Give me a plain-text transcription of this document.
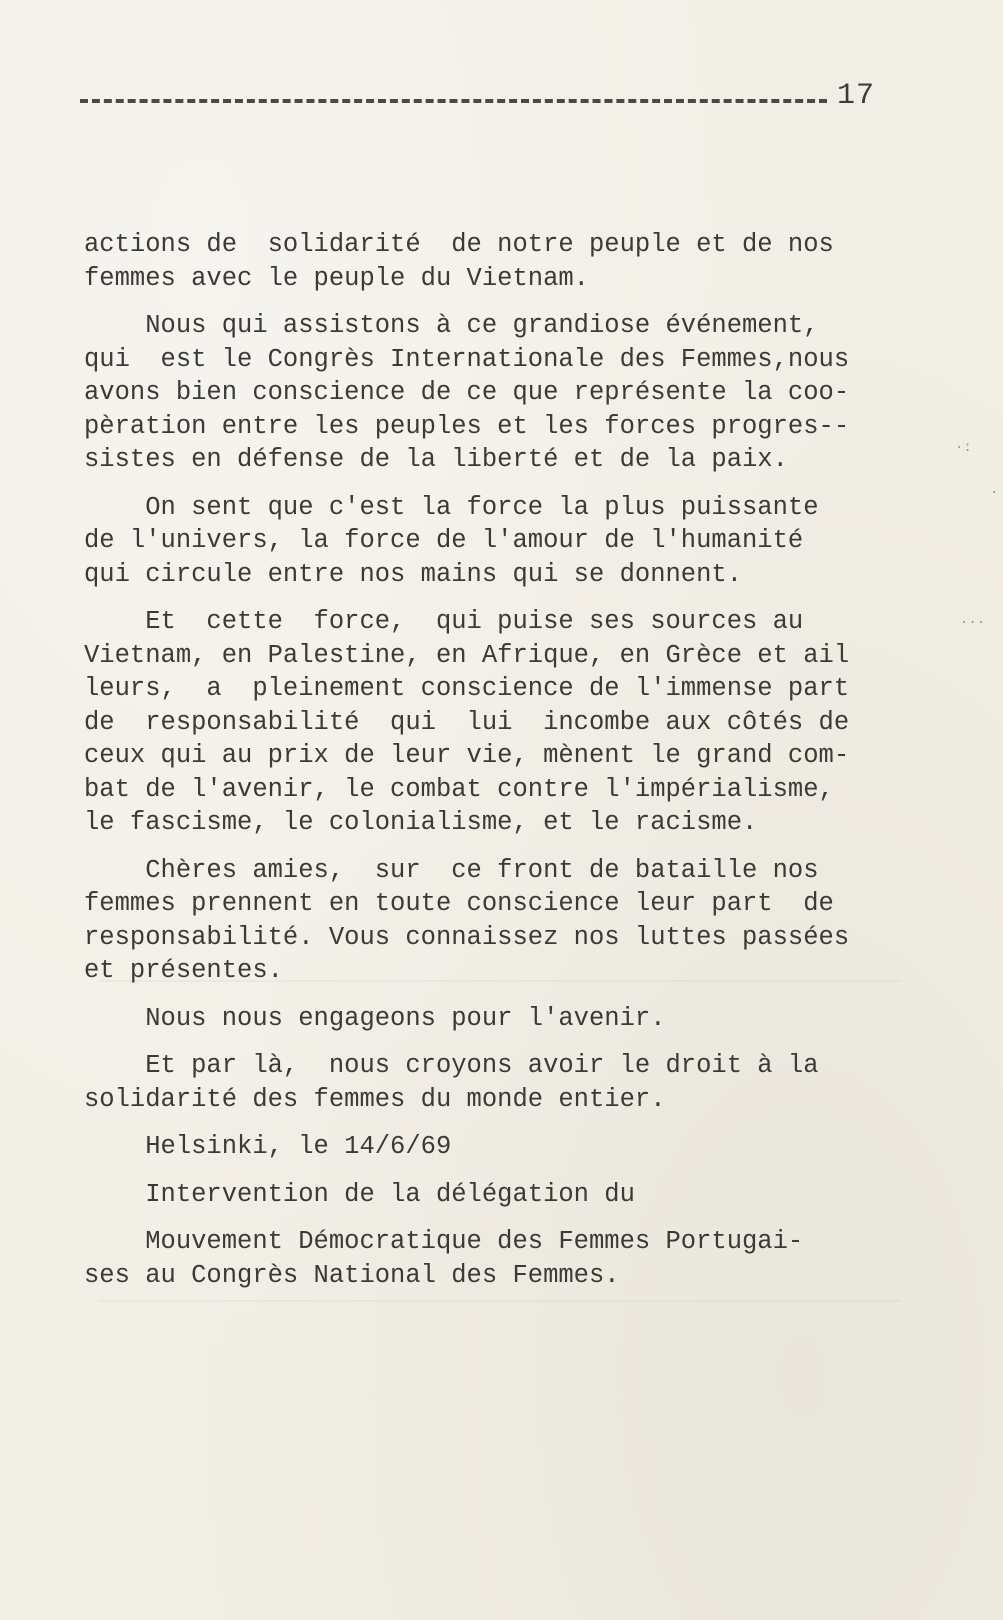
17
actions de  solidarité  de notre peuple et de nos
femmes avec le peuple du Vietnam.
Nous qui assistons à ce grandiose événement,
qui  est le Congrès Internationale des Femmes,nous
avons bien conscience de ce que représente la coo-
pèration entre les peuples et les forces progres--
sistes en défense de la liberté et de la paix.
On sent que c'est la force la plus puissante
de l'univers, la force de l'amour de l'humanité
qui circule entre nos mains qui se donnent.
Et  cette  force,  qui puise ses sources au
Vietnam, en Palestine, en Afrique, en Grèce et ail
leurs,  a  pleinement conscience de l'immense part
de  responsabilité  qui  lui  incombe aux côtés de
ceux qui au prix de leur vie, mènent le grand com-
bat de l'avenir, le combat contre l'impérialisme,
le fascisme, le colonialisme, et le racisme.
Chères amies,  sur  ce front de bataille nos
femmes prennent en toute conscience leur part  de
responsabilité. Vous connaissez nos luttes passées
et présentes.
Nous nous engageons pour l'avenir.
Et par là,  nous croyons avoir le droit à la
solidarité des femmes du monde entier.
Helsinki, le 14/6/69
Intervention de la délégation du
Mouvement Démocratique des Femmes Portugai-
ses au Congrès National des Femmes.
·:
·
···
